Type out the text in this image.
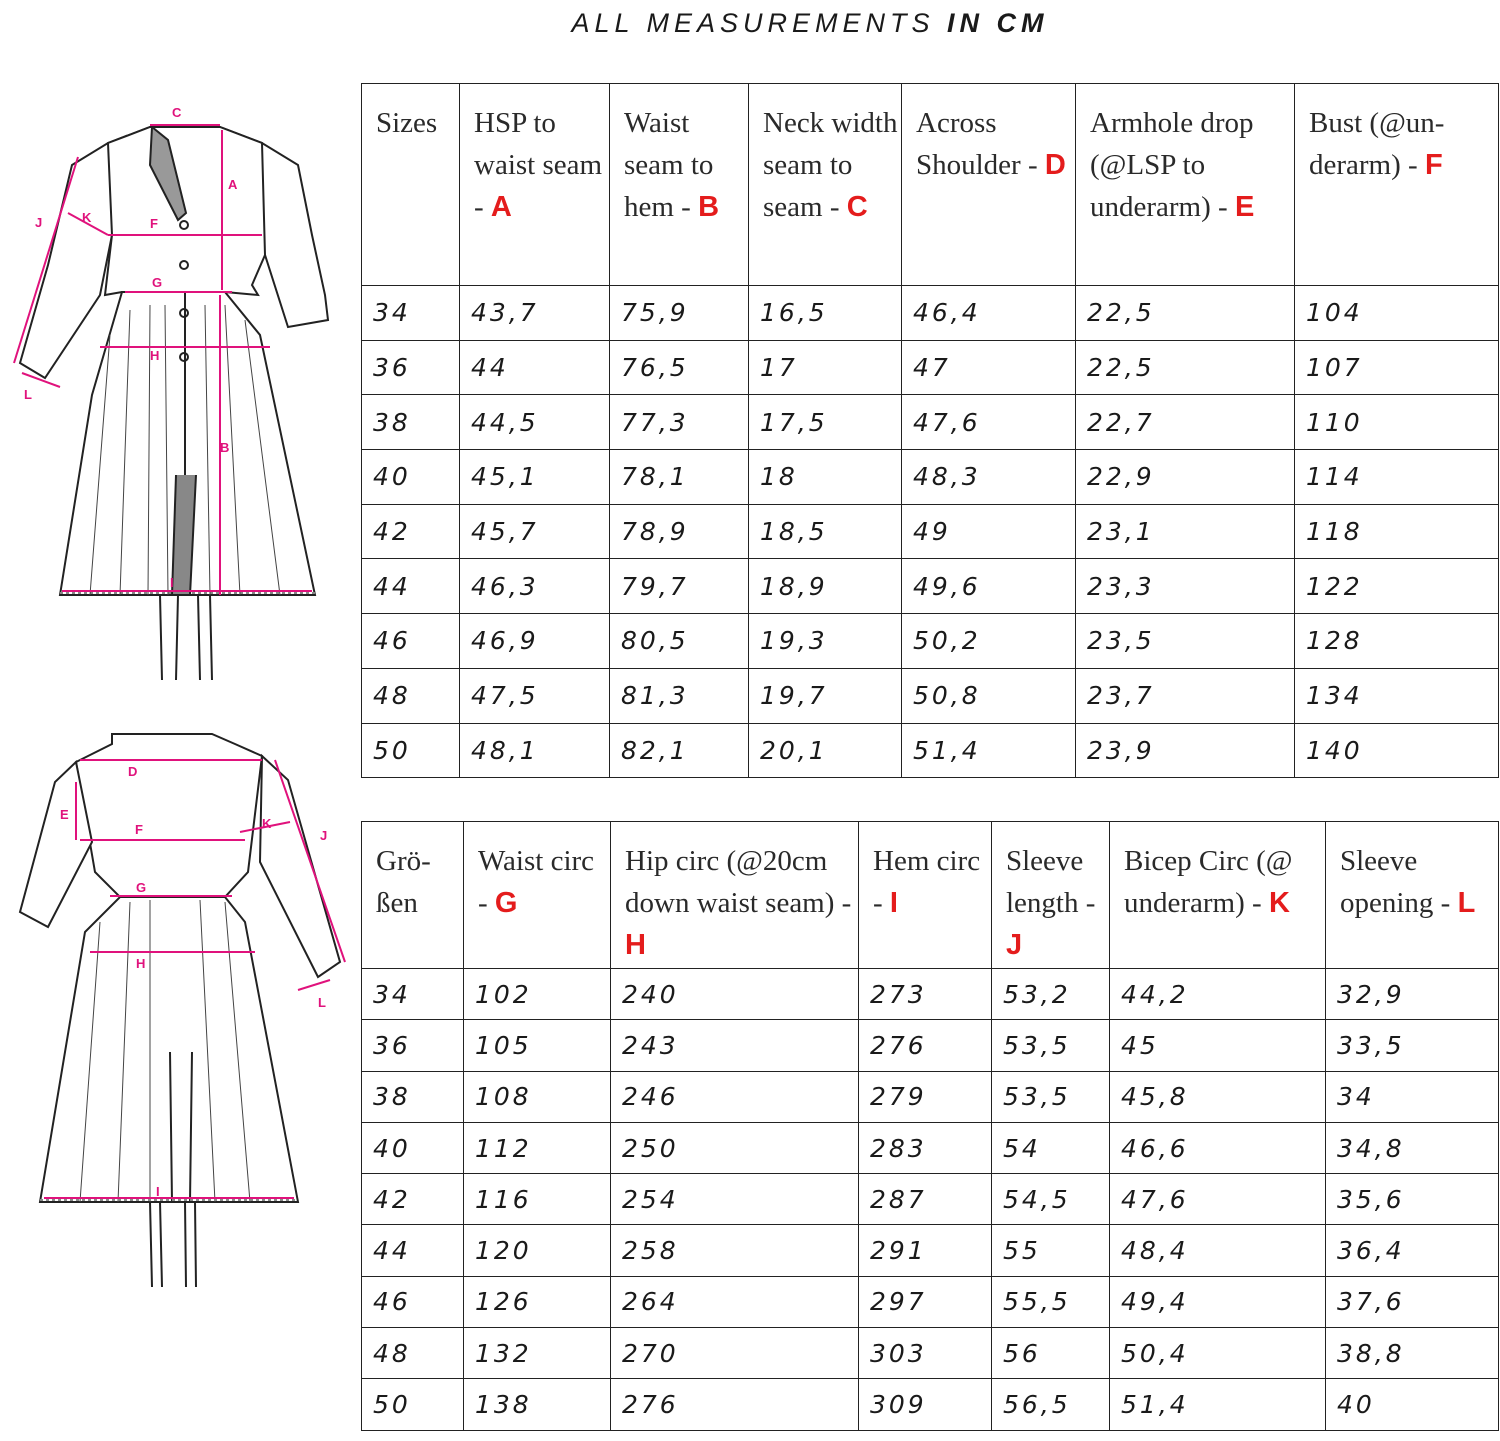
ALL MEASUREMENTS IN CM
C
A
J	K	F
G
H
L
B
I
D
E
F	K
J
G
H
L
I
Sizes	HSP to waist seam - A	Waist seam to hem - B	Neck width seam to seam - C	Across Shoulder - D	Armhole drop (@LSP to underarm) - E	Bust (@un-derarm) - F
34	43,7	75,9	16,5	46,4	22,5	104
36	44	76,5	17	47	22,5	107
38	44,5	77,3	17,5	47,6	22,7	110
40	45,1	78,1	18	48,3	22,9	114
42	45,7	78,9	18,5	49	23,1	118
44	46,3	79,7	18,9	49,6	23,3	122
46	46,9	80,5	19,3	50,2	23,5	128
48	47,5	81,3	19,7	50,8	23,7	134
50	48,1	82,1	20,1	51,4	23,9	140
Grö-ßen	Waist circ - G	Hip circ (@20cm down waist seam) - H	Hem circ - I	Sleeve length - J	Bicep Circ (@ underarm) - K	Sleeve opening - L
34	102	240	273	53,2	44,2	32,9
36	105	243	276	53,5	45	33,5
38	108	246	279	53,5	45,8	34
40	112	250	283	54	46,6	34,8
42	116	254	287	54,5	47,6	35,6
44	120	258	291	55	48,4	36,4
46	126	264	297	55,5	49,4	37,6
48	132	270	303	56	50,4	38,8
50	138	276	309	56,5	51,4	40
